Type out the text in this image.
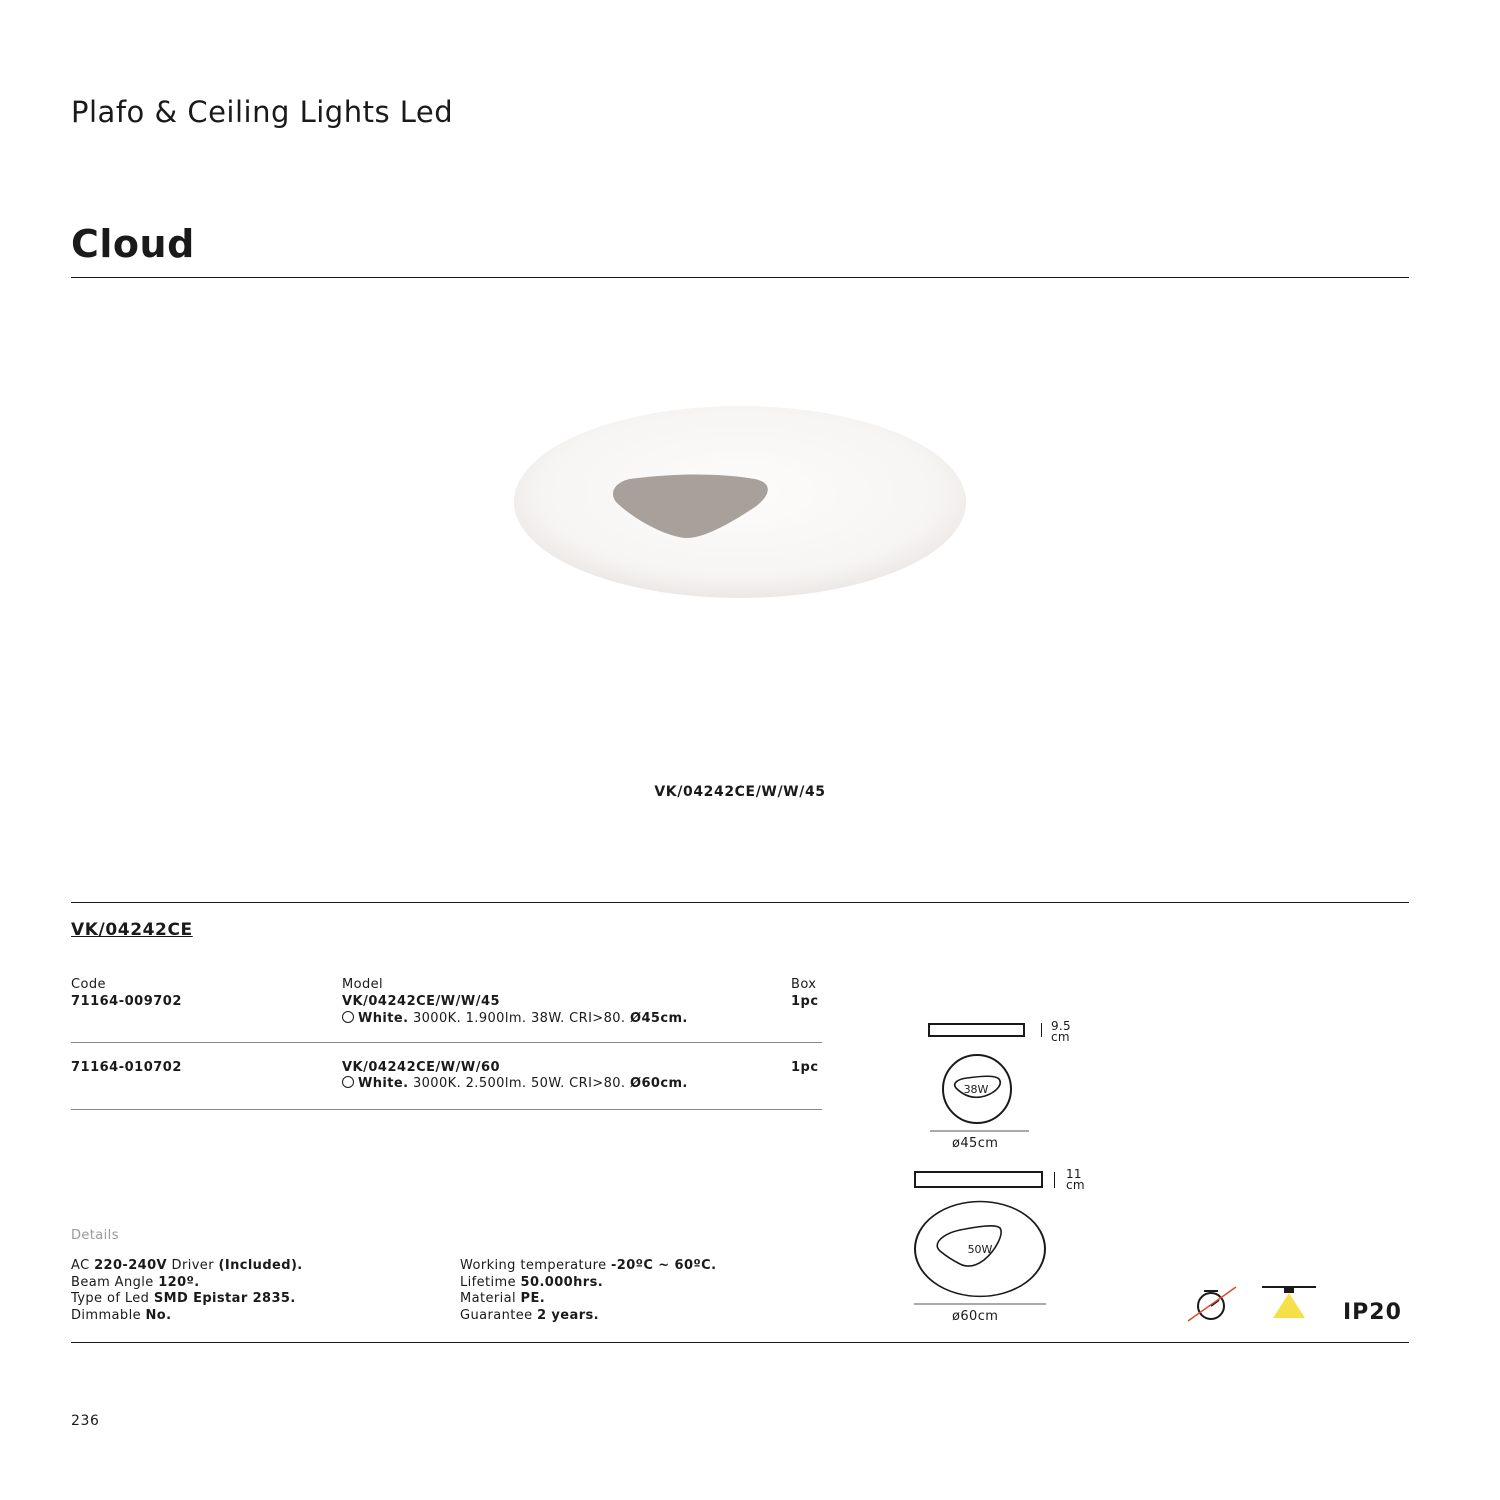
Plafo & Ceiling Lights Led
Cloud
VK/04242CE/W/W/45
VK/04242CE
Code	Model	Box
71164-009702	VK/04242CE/W/W/45	1pc
White. 3000K. 1.900lm. 38W. CRI>80. Ø45cm.
71164-010702	VK/04242CE/W/W/60	1pc
White. 3000K. 2.500lm. 50W. CRI>80. Ø60cm.
Details
AC 220-240V Driver (Included).
Beam Angle 120º.
Type of Led SMD Epistar 2835.
Dimmable No.
Working temperature -20ºC ~ 60ºC.
Lifetime 50.000hrs.
Material PE.
Guarantee 2 years.
9.5
cm
38W
ø45cm
11
cm
50W
ø60cm	IP20
236
